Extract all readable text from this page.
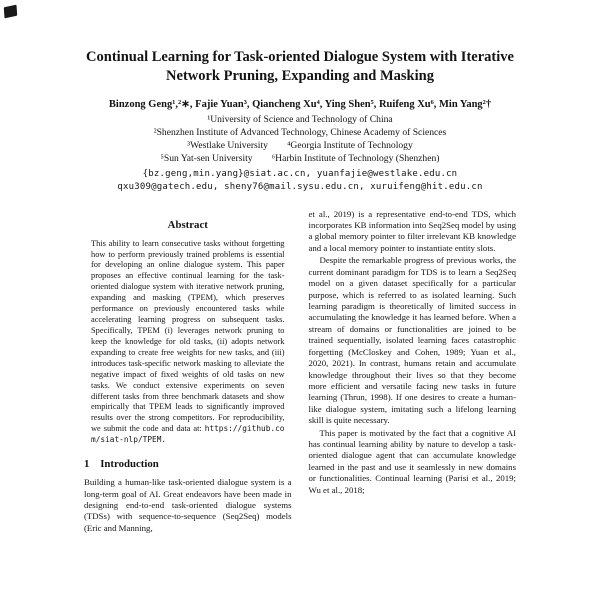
Continual Learning for Task-oriented Dialogue System with Iterative Network Pruning, Expanding and Masking
Binzong Geng¹,²∗, Fajie Yuan³, Qiancheng Xu⁴, Ying Shen⁵, Ruifeng Xu⁶, Min Yang²†
¹University of Science and Technology of China
²Shenzhen Institute of Advanced Technology, Chinese Academy of Sciences
³Westlake University  ⁴Georgia Institute of Technology
⁵Sun Yat-sen University  ⁶Harbin Institute of Technology (Shenzhen)
{bz.geng,min.yang}@siat.ac.cn, yuanfajie@westlake.edu.cn
qxu309@gatech.edu, sheny76@mail.sysu.edu.cn, xuruifeng@hit.edu.cn
Abstract
This ability to learn consecutive tasks without forgetting how to perform previously trained problems is essential for developing an online dialogue system. This paper proposes an effective continual learning for the task-oriented dialogue system with iterative network pruning, expanding and masking (TPEM), which preserves performance on previously encountered tasks while accelerating learning progress on subsequent tasks. Specifically, TPEM (i) leverages network pruning to keep the knowledge for old tasks, (ii) adopts network expanding to create free weights for new tasks, and (iii) introduces task-specific network masking to alleviate the negative impact of fixed weights of old tasks on new tasks. We conduct extensive experiments on seven different tasks from three benchmark datasets and show empirically that TPEM leads to significantly improved results over the strong competitors. For reproducibility, we submit the code and data at: https://github.com/siat-nlp/TPEM.
1 Introduction

Building a human-like task-oriented dialogue system is a long-term goal of AI. Great endeavors have been made in designing end-to-end task-oriented dialogue systems (TDSs) with sequence-to-sequence (Seq2Seq) models (Eric and Manning,

et al., 2019) is a representative end-to-end TDS, which incorporates KB information into Seq2Seq model by using a global memory pointer to filter irrelevant KB knowledge and a local memory pointer to instantiate entity slots.

Despite the remarkable progress of previous works, the current dominant paradigm for TDS is to learn a Seq2Seq model on a given dataset specifically for a particular purpose, which is referred to as isolated learning. Such learning paradigm is theoretically of limited success in accumulating the knowledge it has learned before. When a stream of domains or functionalities are joined to be trained sequentially, isolated learning faces catastrophic forgetting (McCloskey and Cohen, 1989; Yuan et al., 2020, 2021). In contrast, humans retain and accumulate knowledge throughout their lives so that they become more efficient and versatile facing new tasks in future learning (Thrun, 1998). If one desires to create a human-like dialogue system, imitating such a lifelong learning skill is quite necessary.

This paper is motivated by the fact that a cognitive AI has continual learning ability by nature to develop a task-oriented dialogue agent that can accumulate knowledge learned in the past and use it seamlessly in new domains or functionalities. Continual learning (Parisi et al., 2019; Wu et al., 2018;
